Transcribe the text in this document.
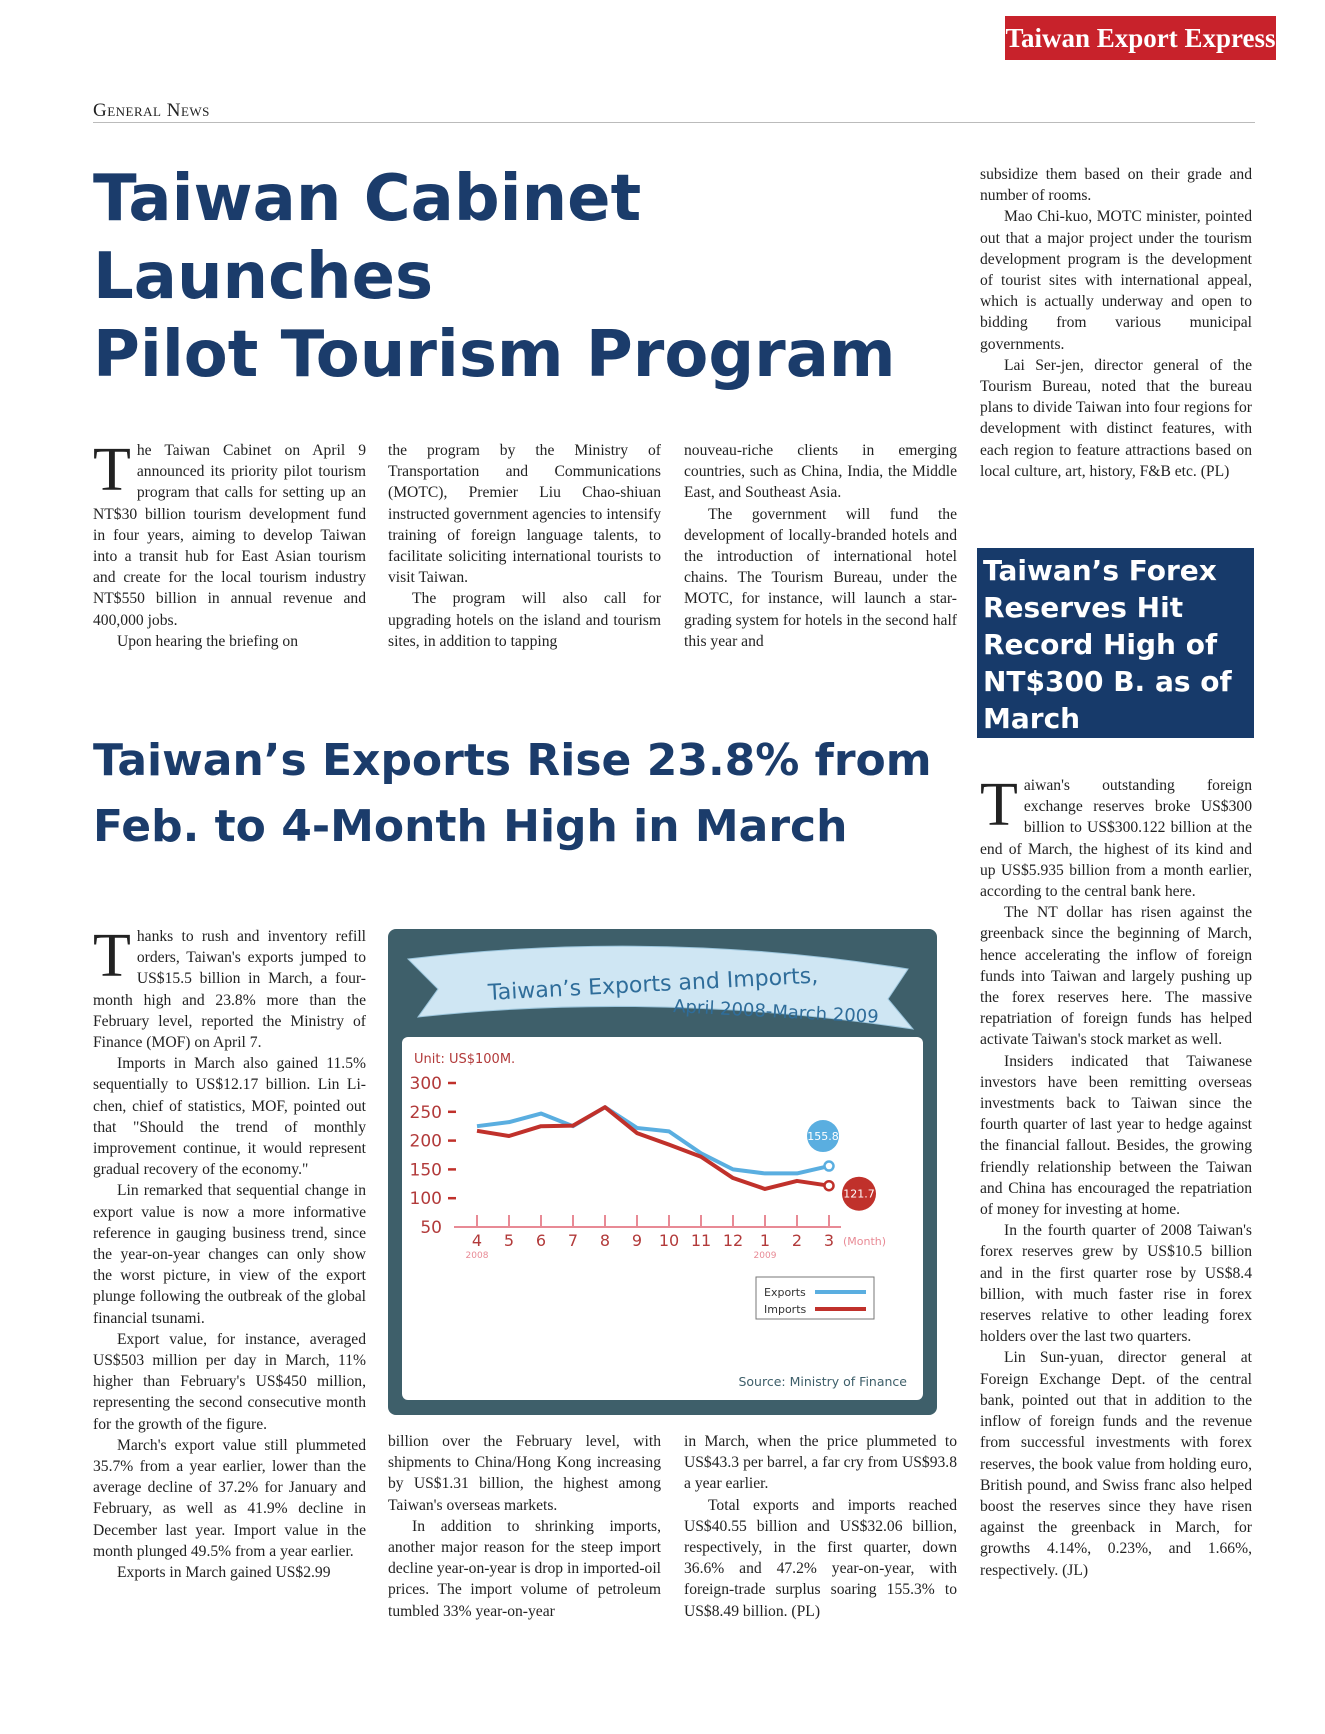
Taiwan Export Express
General News
Taiwan Cabinet Launches
Pilot Tourism Program

The Taiwan Cabinet on April 9 announced its priority pilot tourism program that calls for setting up an NT$30 billion tourism development fund in four years, aiming to develop Taiwan into a transit hub for East Asian tourism and create for the local tourism industry NT$550 billion in annual revenue and 400,000 jobs.

Upon hearing the briefing on

the program by the Ministry of Transportation and Communications (MOTC), Premier Liu Chao-shiuan instructed government agencies to intensify training of foreign language talents, to facilitate soliciting international tourists to visit Taiwan.

The program will also call for upgrading hotels on the island and tourism sites, in addition to tapping

nouveau-riche clients in emerging countries, such as China, India, the Middle East, and Southeast Asia.

The government will fund the development of locally-branded hotels and the introduction of international hotel chains. The Tourism Bureau, under the MOTC, for instance, will launch a star-grading system for hotels in the second half this year and

subsidize them based on their grade and number of rooms.

Mao Chi-kuo, MOTC minister, pointed out that a major project under the tourism development program is the development of tourist sites with international appeal, which is actually underway and open to bidding from various municipal governments.

Lai Ser-jen, director general of the Tourism Bureau, noted that the bureau plans to divide Taiwan into four regions for development with distinct features, with each region to feature attractions based on local culture, art, history, F&B etc. (PL)

Taiwan’s Forex Reserves Hit Record High of NT$300 B. as of March

Taiwan's outstanding foreign exchange reserves broke US$300 billion to US$300.122 billion at the end of March, the highest of its kind and up US$5.935 billion from a month earlier, according to the central bank here.

The NT dollar has risen against the greenback since the beginning of March, hence accelerating the inflow of foreign funds into Taiwan and largely pushing up the forex reserves here. The massive repatriation of foreign funds has helped activate Taiwan's stock market as well.

Insiders indicated that Taiwanese investors have been remitting overseas investments back to Taiwan since the fourth quarter of last year to hedge against the financial fallout. Besides, the growing friendly relationship between the Taiwan and China has encouraged the repatriation of money for investing at home.

In the fourth quarter of 2008 Taiwan's forex reserves grew by US$10.5 billion and in the first quarter rose by US$8.4 billion, with much faster rise in forex reserves relative to other leading forex holders over the last two quarters.

Lin Sun-yuan, director general at Foreign Exchange Dept. of the central bank, pointed out that in addition to the inflow of foreign funds and the revenue from successful investments with forex reserves, the book value from holding euro, British pound, and Swiss franc also helped boost the reserves since they have risen against the greenback in March, for growths 4.14%, 0.23%, and 1.66%, respectively. (JL)

Taiwan’s Exports Rise 23.8% from
Feb. to 4-Month High in March

Thanks to rush and inventory refill orders, Taiwan's exports jumped to US$15.5 billion in March, a four-month high and 23.8% more than the February level, reported the Ministry of Finance (MOF) on April 7.

Imports in March also gained 11.5% sequentially to US$12.17 billion. Lin Li-chen, chief of statistics, MOF, pointed out that "Should the trend of monthly improvement continue, it would represent gradual recovery of the economy."

Lin remarked that sequential change in export value is now a more informative reference in gauging business trend, since the year-on-year changes can only show the worst picture, in view of the export plunge following the outbreak of the global financial tsunami.

Export value, for instance, averaged US$503 million per day in March, 11% higher than February's US$450 million, representing the second consecutive month for the growth of the figure.

March's export value still plummeted 35.7% from a year earlier, lower than the average decline of 37.2% for January and February, as well as 41.9% decline in December last year. Import value in the month plunged 49.5% from a year earlier.

Exports in March gained US$2.99

billion over the February level, with shipments to China/Hong Kong increasing by US$1.31 billion, the highest among Taiwan's overseas markets.

In addition to shrinking imports, another major reason for the steep import decline year-on-year is drop in imported-oil prices. The import volume of petroleum tumbled 33% year-on-year

in March, when the price plummeted to US$43.3 per barrel, a far cry from US$93.8 a year earlier.

Total exports and imports reached US$40.55 billion and US$32.06 billion, respectively, in the first quarter, down 36.6% and 47.2% year-on-year, with foreign-trade surplus soaring 155.3% to US$8.49 billion. (PL)

Taiwan’s Exports and Imports,
April 2008-March 2009
Unit: US$100M.
300
250
200
150
100
50
4 5 6 7 8 9 10 11 12 1 2 3 (Month)
2008	2009
155.8
121.7
Exports
Imports
Source: Ministry of Finance
